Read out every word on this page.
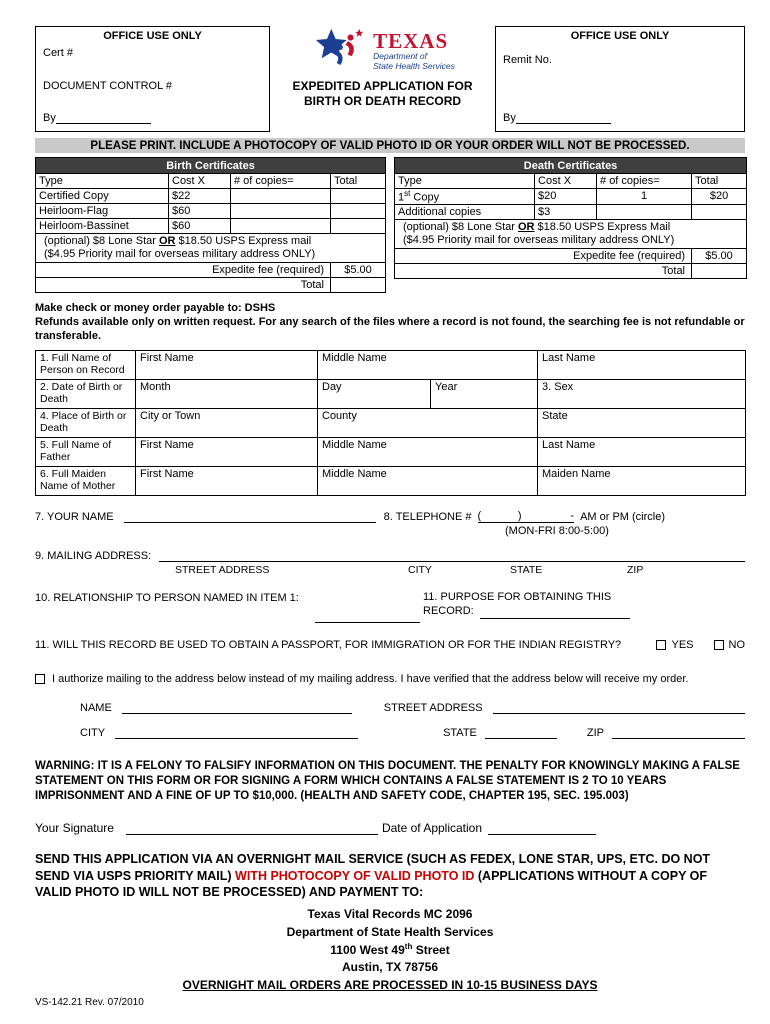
OFFICE USE ONLY
Cert #
DOCUMENT CONTROL #
By
TEXAS
Department of
State Health Services
EXPEDITED APPLICATION FOR
BIRTH OR DEATH RECORD
OFFICE USE ONLY
Remit No.
By
PLEASE PRINT. INCLUDE A PHOTOCOPY OF VALID PHOTO ID OR YOUR ORDER WILL NOT BE PROCESSED.
Birth Certificates			
Type	Cost X	# of copies=	Total
Certified Copy	$22		
Heirloom-Flag	$60		
Heirloom-Bassinet	$60		

(optional) $8 Lone Star OR $18.50 USPS Express mail
($4.95 Priority mail for overseas military address ONLY)			

Expedite fee (required)			$5.00
Total			
Death Certificates			
Type	Cost X	# of copies=	Total
1st Copy	$20	1	$20
Additional copies	$3		

(optional) $8 Lone Star OR $18.50 USPS Express Mail
($4.95 Priority mail for overseas military address ONLY)			

Expedite fee (required)			$5.00
Total			
Make check or money order payable to: DSHS
Refunds available only on written request. For any search of the files where a record is not found, the searching fee is not refundable or transferable.
1. Full Name of Person on Record	First Name	Middle Name		Last Name
2. Date of Birth or Death	Month	Day	Year	3. Sex
4. Place of Birth or Death	City or Town	County		State
5. Full Name of Father	First Name	Middle Name		Last Name
6. Full Maiden Name of Mother	First Name	Middle Name		Maiden Name
7. YOUR NAME	8. TELEPHONE # (            )                - AM or PM (circle)
(MON-FRI 8:00-5:00)
9. MAILING ADDRESS:
STREET ADDRESS	CITY	STATE	ZIP
10. RELATIONSHIP TO PERSON NAMED IN ITEM 1:	11. PURPOSE FOR OBTAINING THIS
RECORD:
11. WILL THIS RECORD BE USED TO OBTAIN A PASSPORT, FOR IMMIGRATION OR FOR THE INDIAN REGISTRY?	YES	NO
I authorize mailing to the address below instead of my mailing address. I have verified that the address below will receive my order.
NAME	STREET ADDRESS
CITY	STATE	ZIP
WARNING: IT IS A FELONY TO FALSIFY INFORMATION ON THIS DOCUMENT. THE PENALTY FOR KNOWINGLY MAKING A FALSE STATEMENT ON THIS FORM OR FOR SIGNING A FORM WHICH CONTAINS A FALSE STATEMENT IS 2 TO 10 YEARS IMPRISONMENT AND A FINE OF UP TO $10,000. (HEALTH AND SAFETY CODE, CHAPTER 195, SEC. 195.003)
Your Signature	Date of Application
SEND THIS APPLICATION VIA AN OVERNIGHT MAIL SERVICE (SUCH AS FEDEX, LONE STAR, UPS, ETC. DO NOT SEND VIA USPS PRIORITY MAIL) WITH PHOTOCOPY OF VALID PHOTO ID (APPLICATIONS WITHOUT A COPY OF VALID PHOTO ID WILL NOT BE PROCESSED) AND PAYMENT TO:
Texas Vital Records MC 2096
Department of State Health Services
1100 West 49th Street
Austin, TX 78756
OVERNIGHT MAIL ORDERS ARE PROCESSED IN 10-15 BUSINESS DAYS
VS-142.21 Rev. 07/2010
